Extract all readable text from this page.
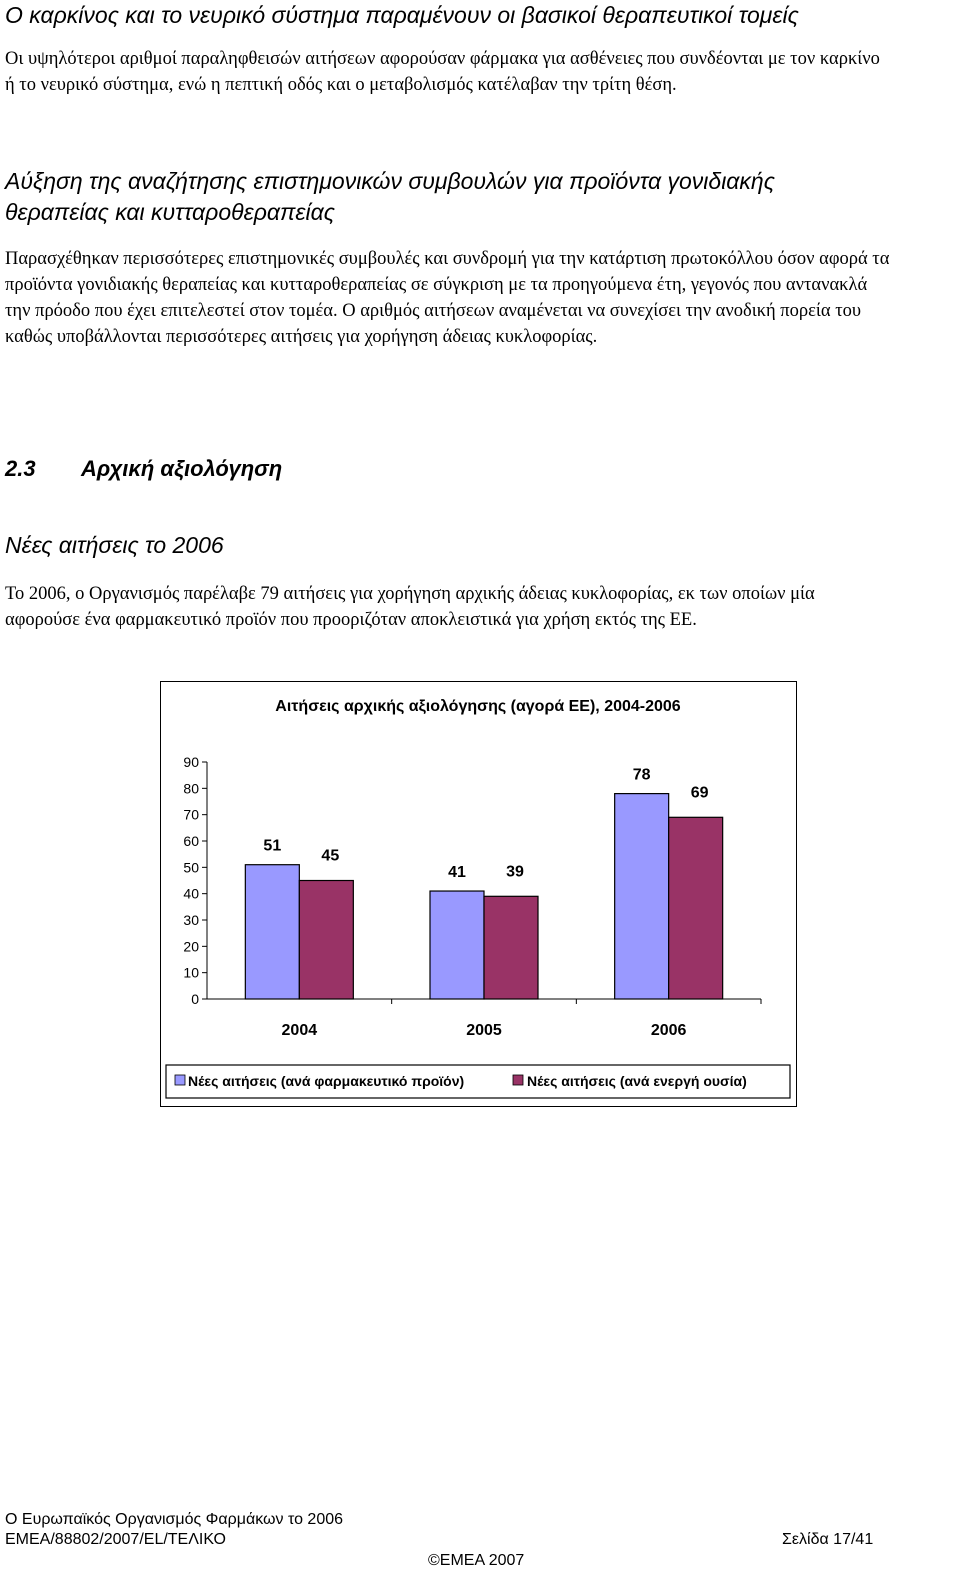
Ο καρκίνος και το νευρικό σύστημα παραμένουν οι βασικοί θεραπευτικοί τομείς
Οι υψηλότεροι αριθμοί παραληφθεισών αιτήσεων αφορούσαν φάρμακα για ασθένειες που συνδέονται με τον καρκίνο ή το νευρικό σύστημα, ενώ η πεπτική οδός και ο μεταβολισμός κατέλαβαν την τρίτη θέση.
Αύξηση της αναζήτησης επιστημονικών συμβουλών για προϊόντα γονιδιακής θεραπείας και κυτταροθεραπείας
Παρασχέθηκαν περισσότερες επιστημονικές συμβουλές και συνδρομή για την κατάρτιση πρωτοκόλλου όσον αφορά τα προϊόντα γονιδιακής θεραπείας και κυτταροθεραπείας σε σύγκριση με τα προηγούμενα έτη, γεγονός που αντανακλά την πρόοδο που έχει επιτελεστεί στον τομέα. Ο αριθμός αιτήσεων αναμένεται να συνεχίσει την ανοδική πορεία του καθώς υποβάλλονται περισσότερες αιτήσεις για χορήγηση άδειας κυκλοφορίας.
2.3 Αρχική αξιολόγηση
Νέες αιτήσεις το 2006
Το 2006, ο Οργανισμός παρέλαβε 79 αιτήσεις για χορήγηση αρχικής άδειας κυκλοφορίας, εκ των οποίων μία αφορούσε ένα φαρμακευτικό προϊόν που προοριζόταν αποκλειστικά για χρήση εκτός της ΕΕ.
Αιτήσεις αρχικής αξιολόγησης (αγορά ΕΕ), 2004-2006
0
10
20
30
40
50
60
70
80
90
2004
51
45
2005
41	39
2006
78
69
Νέες αιτήσεις (ανά φαρμακευτικό προϊόν)	Νέες αιτήσεις (ανά ενεργή ουσία)
Ο Ευρωπαϊκός Οργανισμός Φαρμάκων το 2006
EMEA/88802/2007/EL/ΤΕΛΙΚΟ	Σελίδα 17/41
©EMEA 2007
